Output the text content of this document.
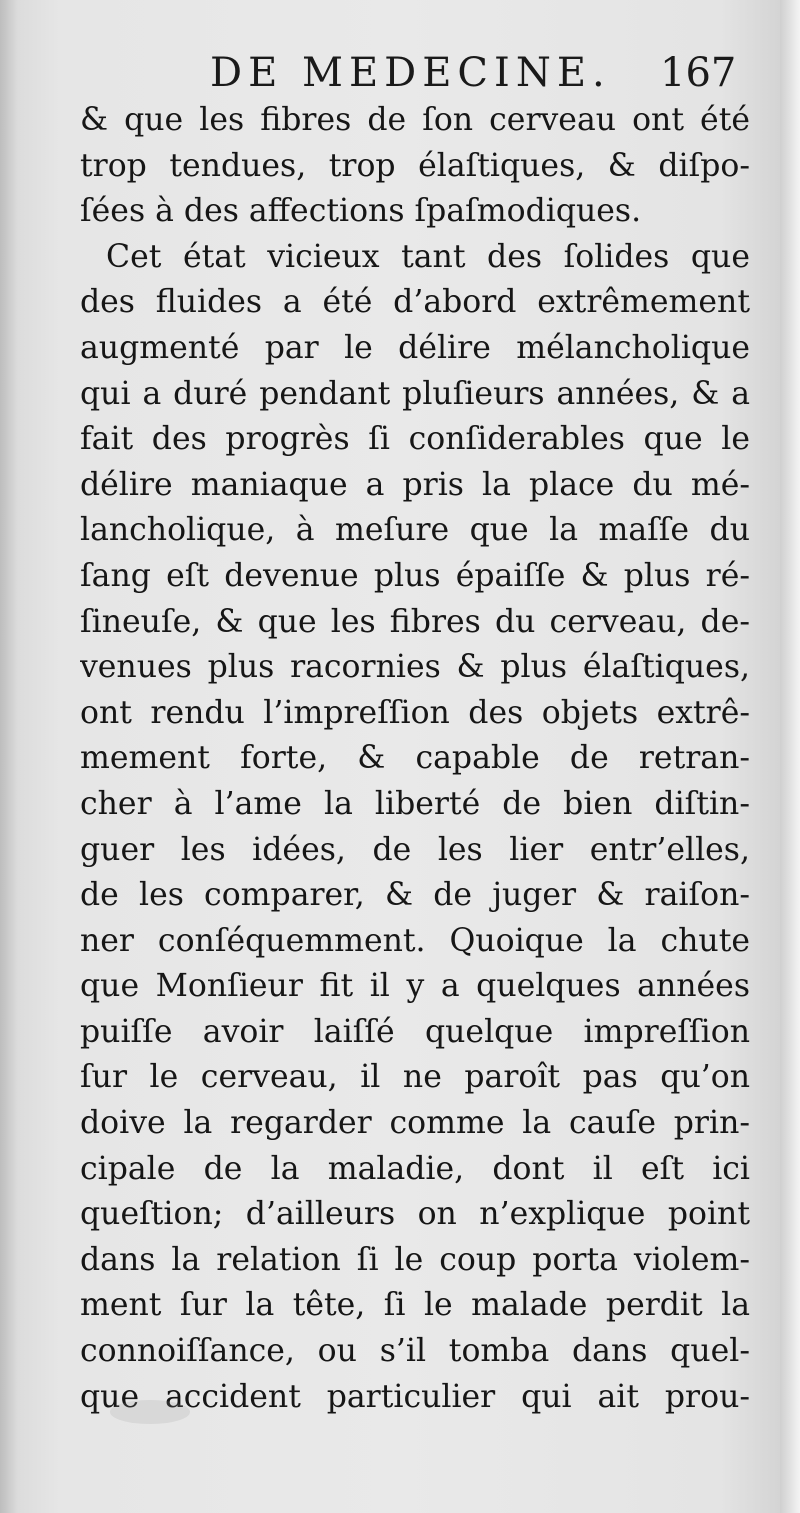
DE MEDECINE. 167
& que les fibres de ſon cerveau ont été
trop tendues, trop élaſtiques, & diſpo-
ſées à des affections ſpaſmodiques.
Cet état vicieux tant des ſolides que
des fluides a été d’abord extrêmement
augmenté par le délire mélancholique
qui a duré pendant pluſieurs années, & a
fait des progrès ſi conſiderables que le
délire maniaque a pris la place du mé-
lancholique, à meſure que la maſſe du
ſang eſt devenue plus épaiſſe & plus ré-
ſineuſe, & que les fibres du cerveau, de-
venues plus racornies & plus élaſtiques,
ont rendu l’impreſſion des objets extrê-
mement forte, & capable de retran-
cher à l’ame la liberté de bien diſtin-
guer les idées, de les lier entr’elles,
de les comparer, & de juger & raiſon-
ner conſéquemment. Quoique la chute
que Monſieur fit il y a quelques années
puiſſe avoir laiſſé quelque impreſſion
ſur le cerveau, il ne paroît pas qu’on
doive la regarder comme la cauſe prin-
cipale de la maladie, dont il eſt ici
queſtion; d’ailleurs on n’explique point
dans la relation ſi le coup porta violem-
ment ſur la tête, ſi le malade perdit la
connoiſſance, ou s’il tomba dans quel-
que accident particulier qui ait prou-
